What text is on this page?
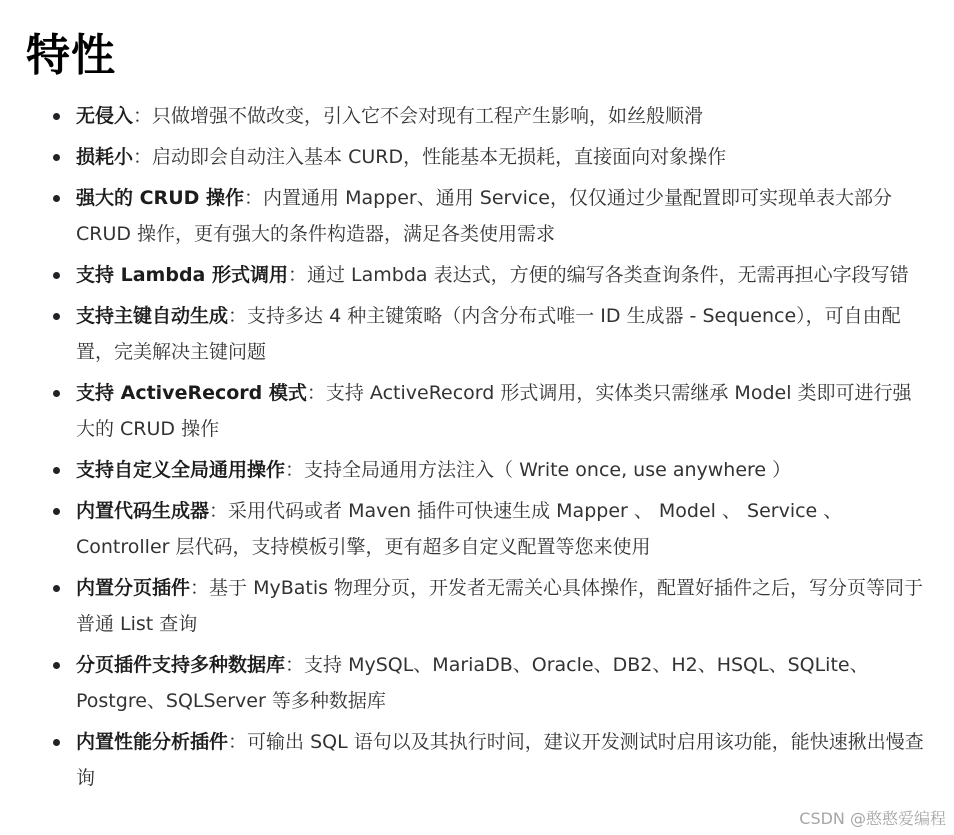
特性
无侵入：只做增强不做改变，引入它不会对现有工程产生影响，如丝般顺滑
损耗小：启动即会自动注入基本 CURD，性能基本无损耗，直接面向对象操作
强大的 CRUD 操作：内置通用 Mapper、通用 Service，仅仅通过少量配置即可实现单表大部分 CRUD 操作，更有强大的条件构造器，满足各类使用需求
支持 Lambda 形式调用：通过 Lambda 表达式，方便的编写各类查询条件，无需再担心字段写错
支持主键自动生成：支持多达 4 种主键策略（内含分布式唯一 ID 生成器 - Sequence），可自由配置，完美解决主键问题
支持 ActiveRecord 模式：支持 ActiveRecord 形式调用，实体类只需继承 Model 类即可进行强大的 CRUD 操作
支持自定义全局通用操作：支持全局通用方法注入（ Write once, use anywhere ）
内置代码生成器：采用代码或者 Maven 插件可快速生成 Mapper 、 Model 、 Service 、 Controller 层代码，支持模板引擎，更有超多自定义配置等您来使用
内置分页插件：基于 MyBatis 物理分页，开发者无需关心具体操作，配置好插件之后，写分页等同于普通 List 查询
分页插件支持多种数据库：支持 MySQL、MariaDB、Oracle、DB2、H2、HSQL、SQLite、Postgre、SQLServer 等多种数据库
内置性能分析插件：可输出 SQL 语句以及其执行时间，建议开发测试时启用该功能，能快速揪出慢查询
CSDN @憨憨爱编程
